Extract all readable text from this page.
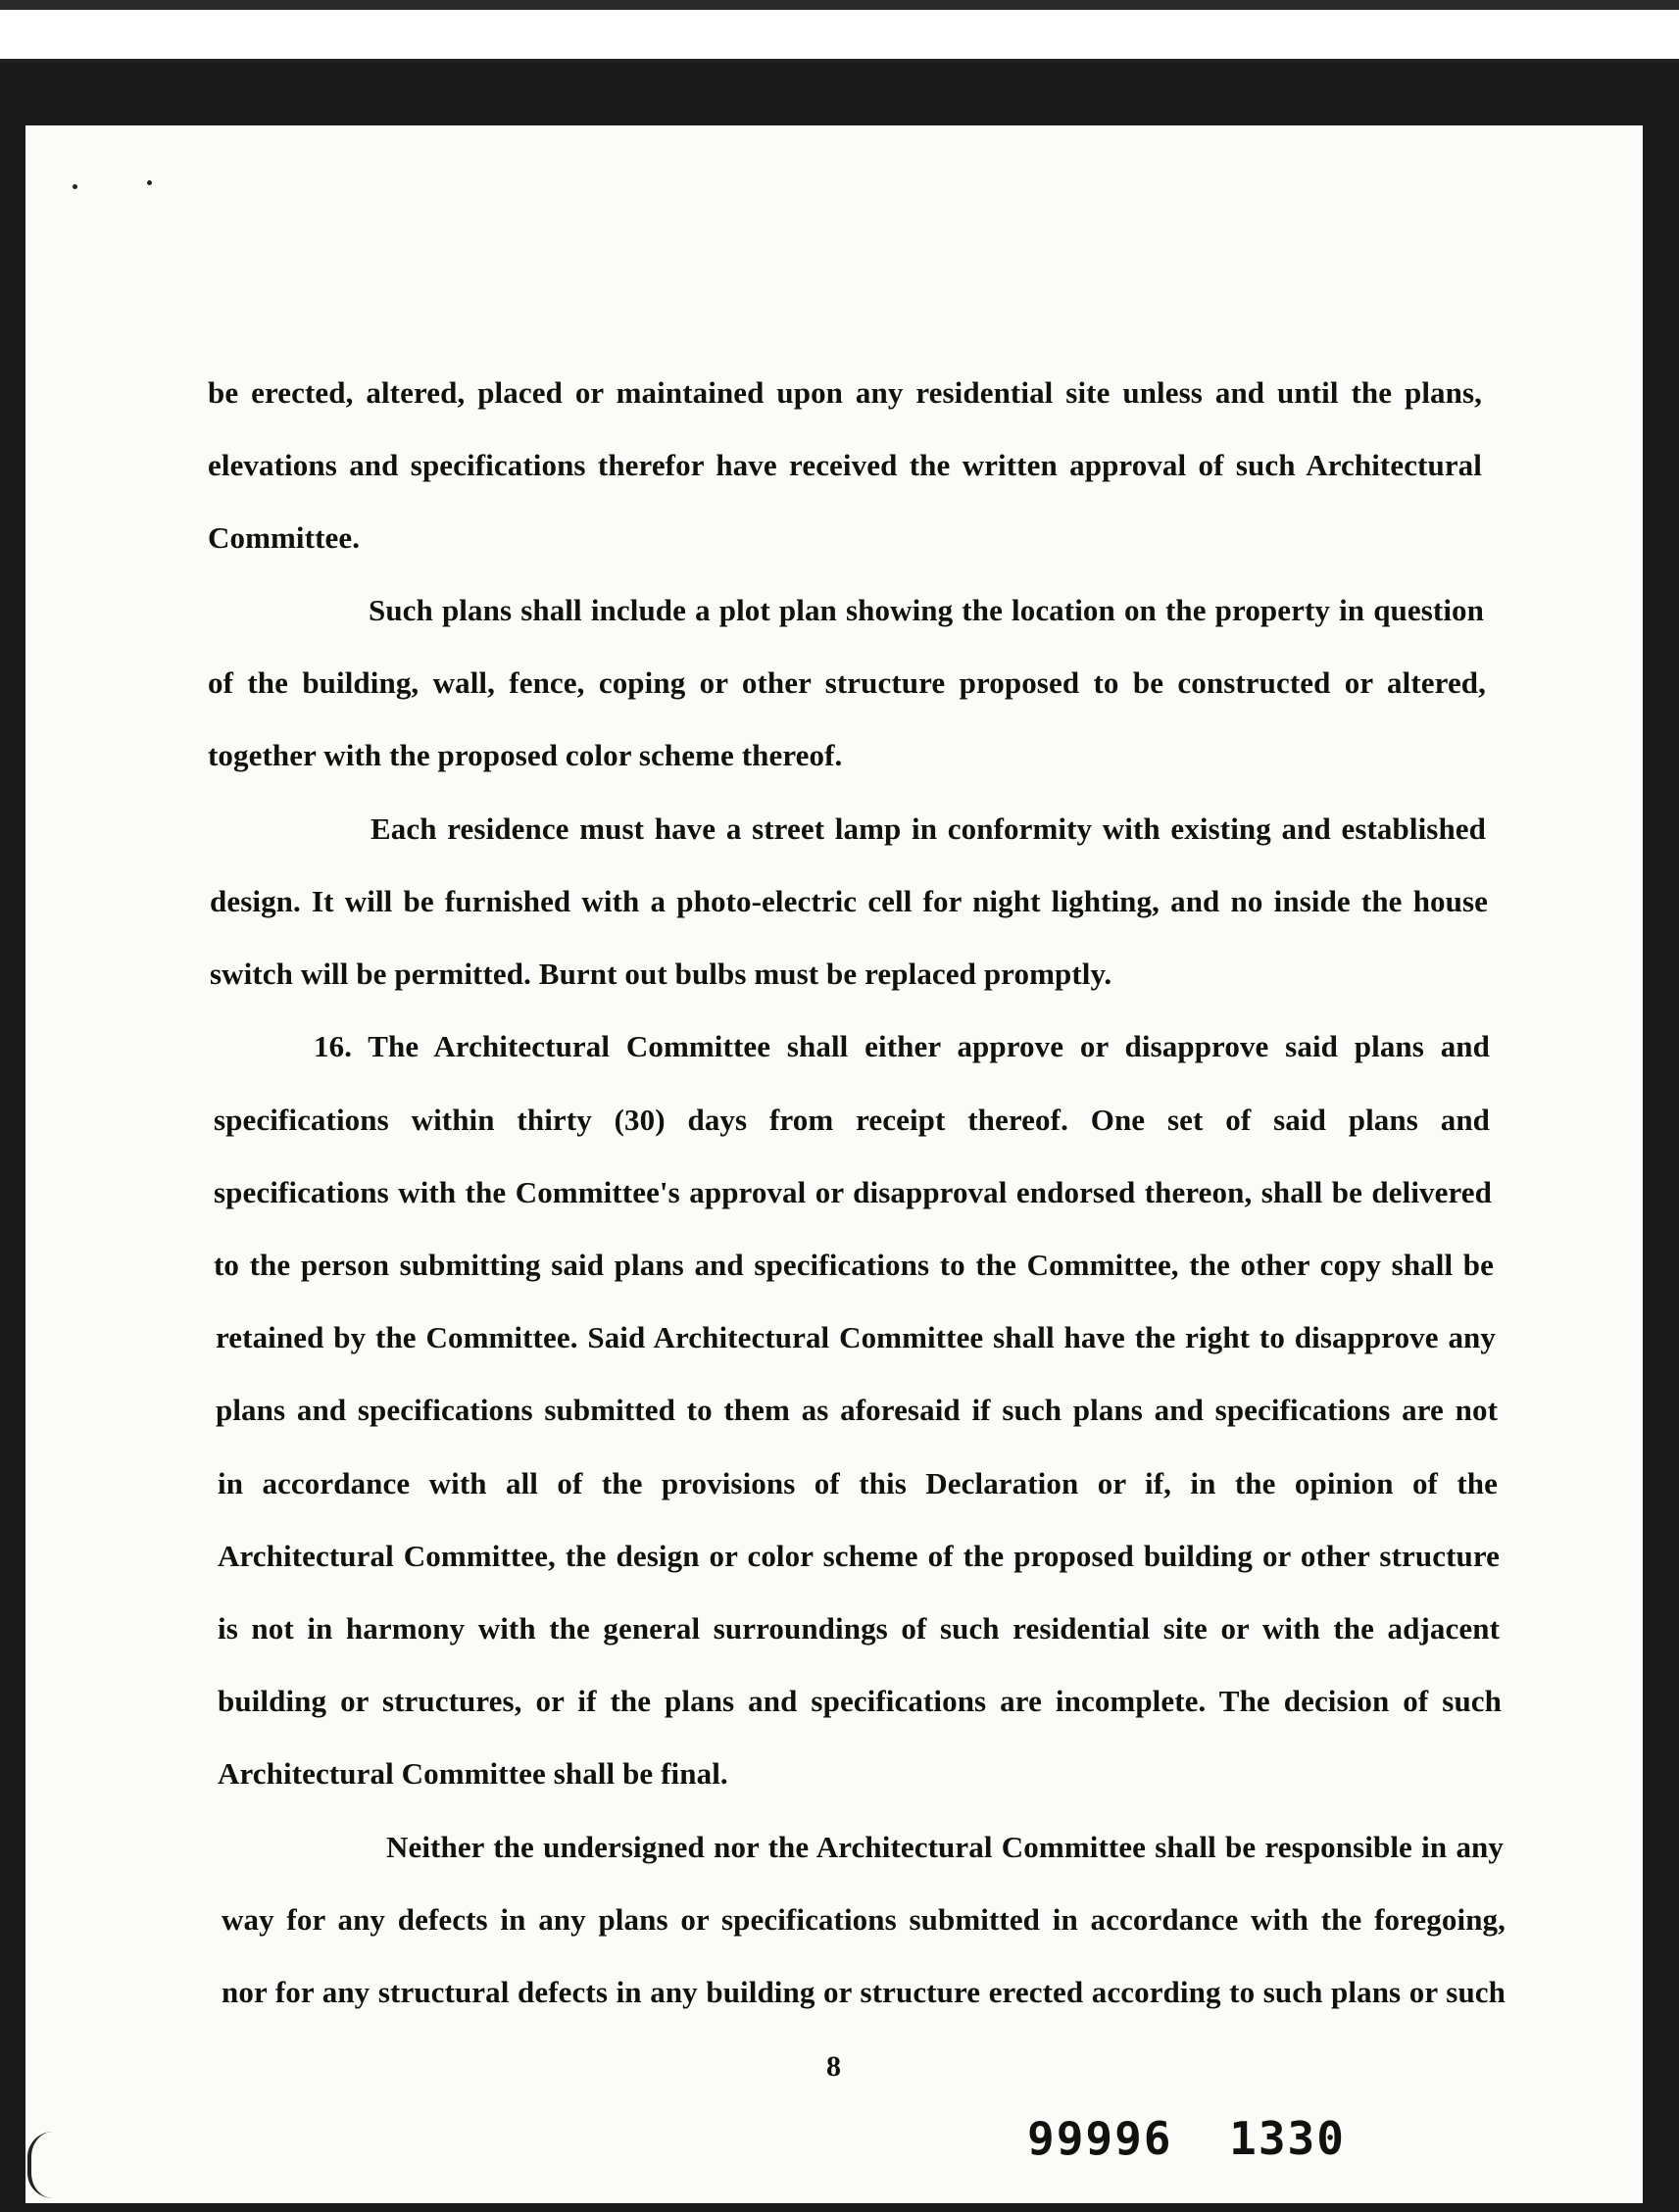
be erected, altered, placed or maintained upon any residential site unless and until the plans,
elevations and specifications therefor have received the written approval of such Architectural
Committee.
Such plans shall include a plot plan showing the location on the property in question
of the building, wall, fence, coping or other structure proposed to be constructed or altered,
together with the proposed color scheme thereof.
Each residence must have a street lamp in conformity with existing and established
design. It will be furnished with a photo-electric cell for night lighting, and no inside the house
switch will be permitted. Burnt out bulbs must be replaced promptly.
16. The Architectural Committee shall either approve or disapprove said plans and
specifications within thirty (30) days from receipt thereof. One set of said plans and
specifications with the Committee's approval or disapproval endorsed thereon, shall be delivered
to the person submitting said plans and specifications to the Committee, the other copy shall be
retained by the Committee. Said Architectural Committee shall have the right to disapprove any
plans and specifications submitted to them as aforesaid if such plans and specifications are not
in accordance with all of the provisions of this Declaration or if, in the opinion of the
Architectural Committee, the design or color scheme of the proposed building or other structure
is not in harmony with the general surroundings of such residential site or with the adjacent
building or structures, or if the plans and specifications are incomplete. The decision of such
Architectural Committee shall be final.
Neither the undersigned nor the Architectural Committee shall be responsible in any
way for any defects in any plans or specifications submitted in accordance with the foregoing,
nor for any structural defects in any building or structure erected according to such plans or such
8
99996 1330
